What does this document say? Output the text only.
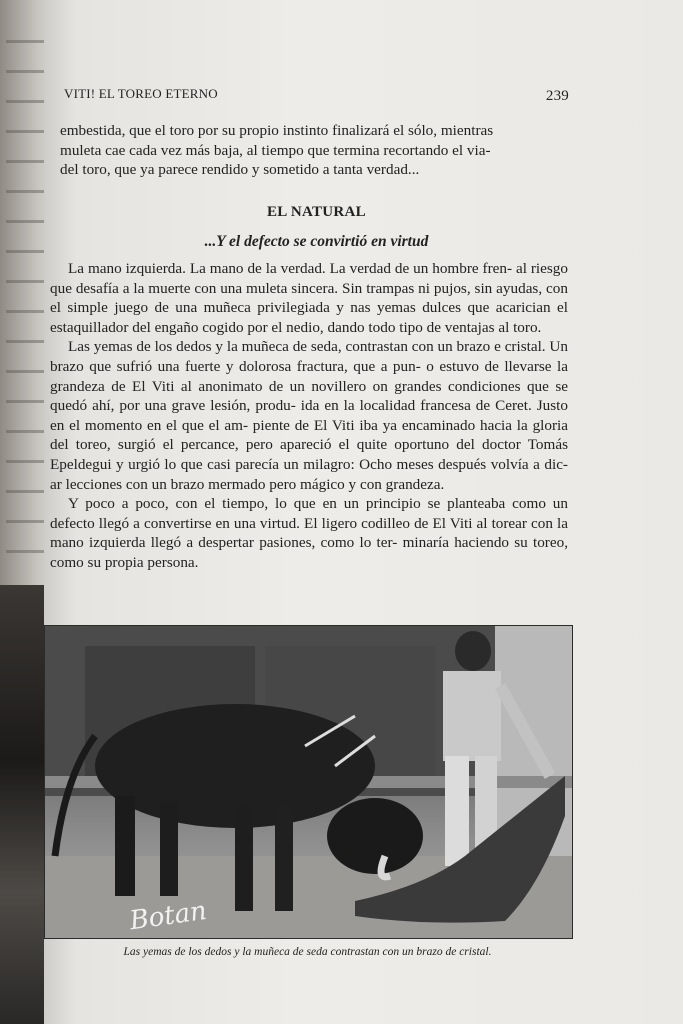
VITI! EL TOREO ETERNO	239

embestida, que el toro por su propio instinto finalizará el sólo, mientras

muleta cae cada vez más baja, al tiempo que termina recortando el via-

del toro, que ya parece rendido y sometido a tanta verdad...

EL NATURAL
...Y el defecto se convirtió en virtud

La mano izquierda. La mano de la verdad. La verdad de un hombre fren- al riesgo que desafía a la muerte con una muleta sincera. Sin trampas ni pujos, sin ayudas, con el simple juego de una muñeca privilegiada y nas yemas dulces que acarician el estaquillador del engaño cogido por el nedio, dando todo tipo de ventajas al toro.

Las yemas de los dedos y la muñeca de seda, contrastan con un brazo e cristal. Un brazo que sufrió una fuerte y dolorosa fractura, que a pun- o estuvo de llevarse la grandeza de El Viti al anonimato de un novillero on grandes condiciones que se quedó ahí, por una grave lesión, produ- ida en la localidad francesa de Ceret. Justo en el momento en el que el am- piente de El Viti iba ya encaminado hacia la gloria del toreo, surgió el percance, pero apareció el quite oportuno del doctor Tomás Epeldegui y urgió lo que casi parecía un milagro: Ocho meses después volvía a dic- ar lecciones con un brazo mermado pero mágico y con grandeza.

Y poco a poco, con el tiempo, lo que en un principio se planteaba como un defecto llegó a convertirse en una virtud. El ligero codilleo de El Viti al torear con la mano izquierda llegó a despertar pasiones, como lo ter- minaría haciendo su toreo, como su propia persona.

Botan
Las yemas de los dedos y la muñeca de seda contrastan con un brazo de cristal.
